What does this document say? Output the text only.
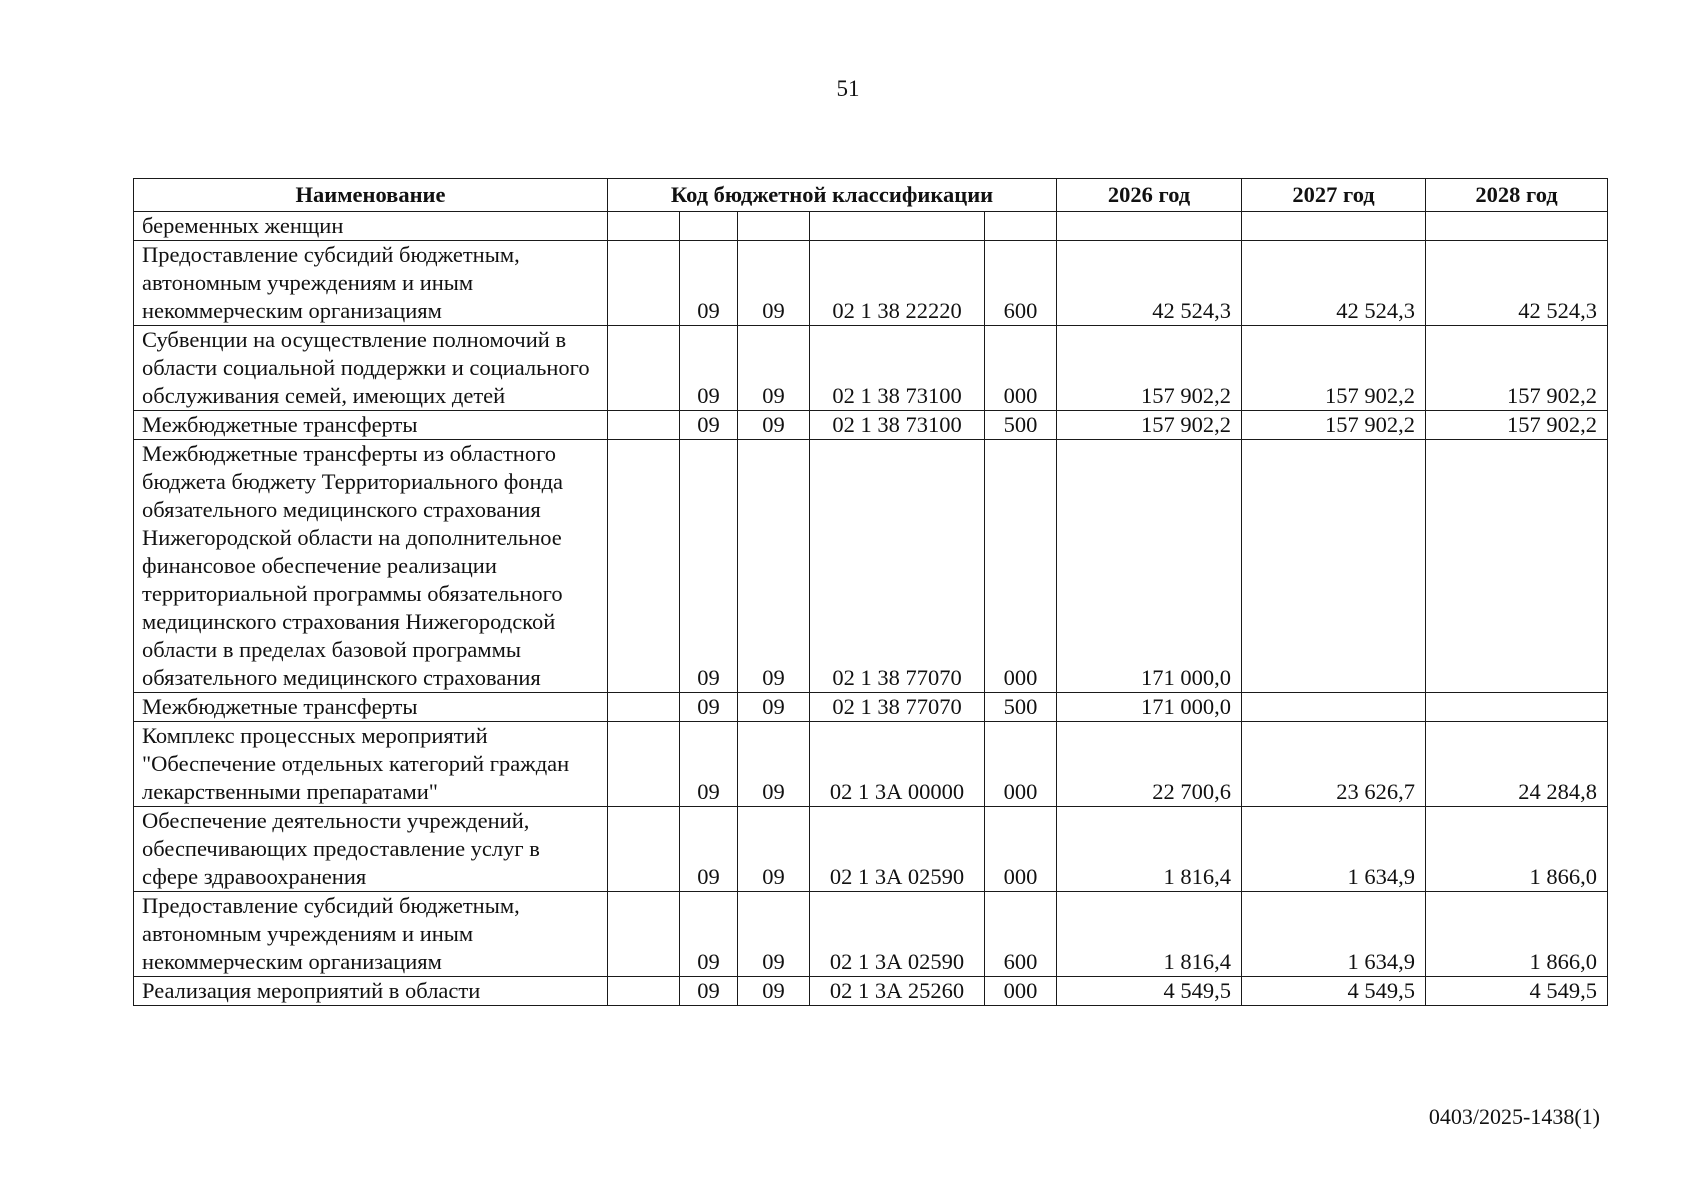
51
Наименование	Код бюджетной классификации					2026 год	2027 год	2028 год
беременных женщин								
Предоставление субсидий бюджетным, автономным учреждениям и иным некоммерческим организациям		09	09	02 1 38 22220	600	42 524,3	42 524,3	42 524,3
Субвенции на осуществление полномочий в области социальной поддержки и социального обслуживания семей, имеющих детей		09	09	02 1 38 73100	000	157 902,2	157 902,2	157 902,2
Межбюджетные трансферты		09	09	02 1 38 73100	500	157 902,2	157 902,2	157 902,2
Межбюджетные трансферты из областного бюджета бюджету Территориального фонда обязательного медицинского страхования Нижегородской области на дополнительное финансовое обеспечение реализации территориальной программы обязательного медицинского страхования Нижегородской области в пределах базовой программы обязательного медицинского страхования		09	09	02 1 38 77070	000	171 000,0		
Межбюджетные трансферты		09	09	02 1 38 77070	500	171 000,0		
Комплекс процессных мероприятий "Обеспечение отдельных категорий граждан лекарственными препаратами"		09	09	02 1 3А 00000	000	22 700,6	23 626,7	24 284,8
Обеспечение деятельности учреждений, обеспечивающих предоставление услуг в сфере здравоохранения		09	09	02 1 3А 02590	000	1 816,4	1 634,9	1 866,0
Предоставление субсидий бюджетным, автономным учреждениям и иным некоммерческим организациям		09	09	02 1 3А 02590	600	1 816,4	1 634,9	1 866,0
Реализация мероприятий в области		09	09	02 1 3А 25260	000	4 549,5	4 549,5	4 549,5
0403/2025-1438(1)
